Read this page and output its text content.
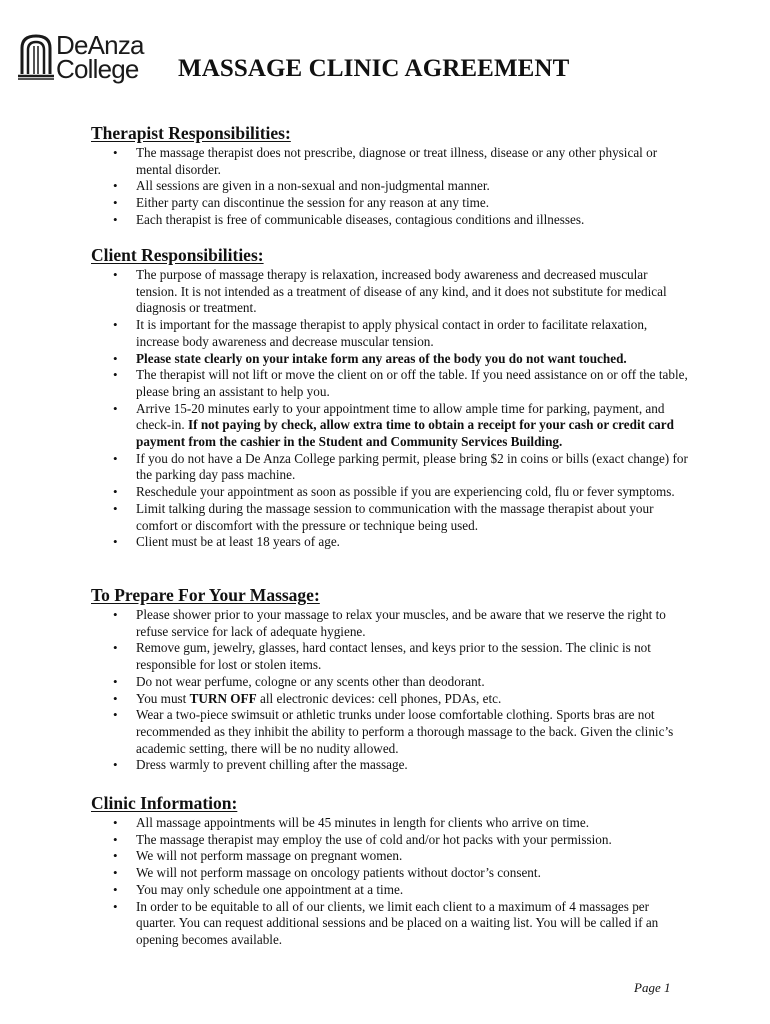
DeAnza
College MASSAGE CLINIC AGREEMENT
Therapist Responsibilities:
• The massage therapist does not prescribe, diagnose or treat illness, disease or any other physical or mental disorder.
• All sessions are given in a non-sexual and non-judgmental manner.
• Either party can discontinue the session for any reason at any time.
• Each therapist is free of communicable diseases, contagious conditions and illnesses.
Client Responsibilities:
• The purpose of massage therapy is relaxation, increased body awareness and decreased muscular tension. It is not intended as a treatment of disease of any kind, and it does not substitute for medical diagnosis or treatment.
• It is important for the massage therapist to apply physical contact in order to facilitate relaxation, increase body awareness and decrease muscular tension.
• Please state clearly on your intake form any areas of the body you do not want touched.
• The therapist will not lift or move the client on or off the table. If you need assistance on or off the table, please bring an assistant to help you.
• Arrive 15-20 minutes early to your appointment time to allow ample time for parking, payment, and check-in. If not paying by check, allow extra time to obtain a receipt for your cash or credit card payment from the cashier in the Student and Community Services Building.
• If you do not have a De Anza College parking permit, please bring $2 in coins or bills (exact change) for the parking day pass machine.
• Reschedule your appointment as soon as possible if you are experiencing cold, flu or fever symptoms.
• Limit talking during the massage session to communication with the massage therapist about your comfort or discomfort with the pressure or technique being used.
• Client must be at least 18 years of age.
To Prepare For Your Massage:
• Please shower prior to your massage to relax your muscles, and be aware that we reserve the right to refuse service for lack of adequate hygiene.
• Remove gum, jewelry, glasses, hard contact lenses, and keys prior to the session. The clinic is not responsible for lost or stolen items.
• Do not wear perfume, cologne or any scents other than deodorant.
• You must TURN OFF all electronic devices: cell phones, PDAs, etc.
• Wear a two-piece swimsuit or athletic trunks under loose comfortable clothing. Sports bras are not recommended as they inhibit the ability to perform a thorough massage to the back. Given the clinic’s academic setting, there will be no nudity allowed.
• Dress warmly to prevent chilling after the massage.
Clinic Information:
• All massage appointments will be 45 minutes in length for clients who arrive on time.
• The massage therapist may employ the use of cold and/or hot packs with your permission.
• We will not perform massage on pregnant women.
• We will not perform massage on oncology patients without doctor’s consent.
• You may only schedule one appointment at a time.
• In order to be equitable to all of our clients, we limit each client to a maximum of 4 massages per quarter. You can request additional sessions and be placed on a waiting list. You will be called if an opening becomes available.
Page 1
